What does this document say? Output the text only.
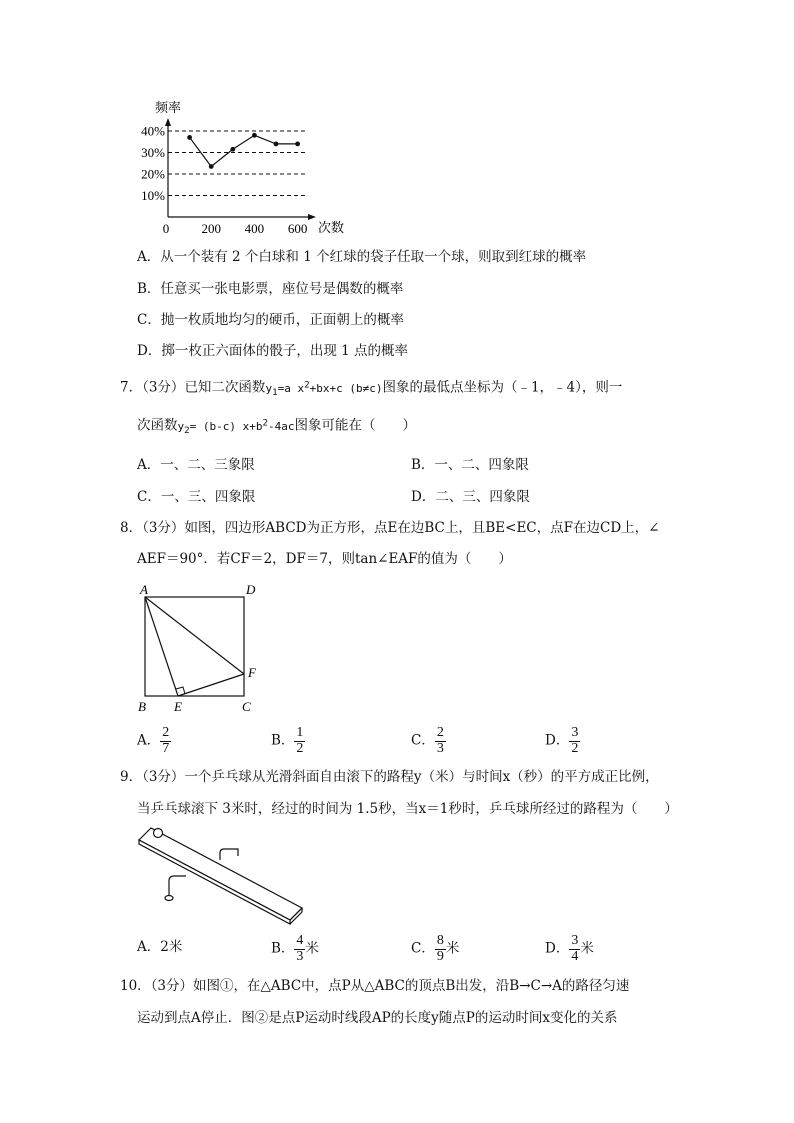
频率
10%
20%
30%
40%
0 200 400 600 次数
A．从一个装有 2 个白球和 1 个红球的袋子任取一个球，则取到红球的概率
B．任意买一张电影票，座位号是偶数的概率
C．抛一枚质地均匀的硬币，正面朝上的概率
D．掷一枚正六面体的骰子，出现 1 点的概率
7．（3分）已知二次函数$y_1=a$ $x^2+bx+c$ (b≠c)图象的最低点坐标为（﹣1，﹣4），则一
次函数$y_2= (b-c)$ $x+b^2-4ac$图象可能在（　　）
A．一、二、三象限	B．一、二、四象限
C．一、三、四象限	D．二、三、四象限
8．（3分）如图，四边形ABCD为正方形，点E在边BC上，且BE<EC，点F在边CD上，∠
AEF＝90°．若CF＝2，DF＝7，则tan∠EAF的值为（　　）
A	D
B E	C
F
A． $\frac{2}{7}$	B． $\frac{1}{2}$	C． $\frac{2}{3}$	D． $\frac{3}{2}$
9．（3分）一个乒乓球从光滑斜面自由滚下的路程y（米）与时间x（秒）的平方成正比例，
当乒乓球滚下 3米时，经过的时间为 1.5秒，当x＝1秒时，乒乓球所经过的路程为（　　）
A．2米	B． $\frac{4}{3}$ 米	C． $\frac{8}{9}$ 米	D． $\frac{3}{4}$ 米
10．（3分）如图①，在△ABC中，点P从△ABC的顶点B出发，沿B→C→A的路径匀速
运动到点A停止．图②是点P运动时线段AP的长度y随点P的运动时间x变化的关系
